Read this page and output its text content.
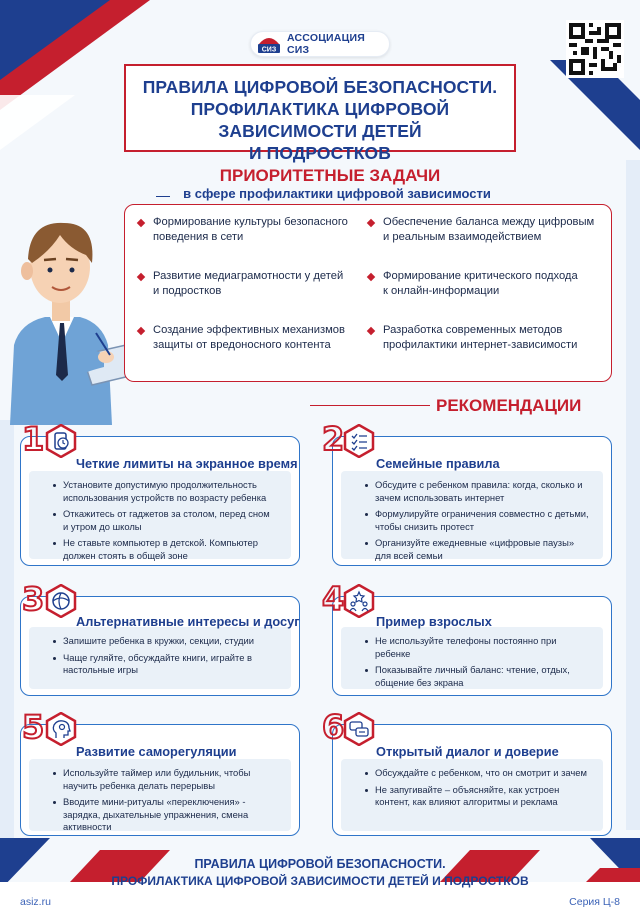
СИЗ
АССОЦИАЦИЯ СИЗ
ПРАВИЛА ЦИФРОВОЙ БЕЗОПАСНОСТИ.
ПРОФИЛАКТИКА ЦИФРОВОЙ ЗАВИСИМОСТИ ДЕТЕЙ
И ПОДРОСТКОВ
ПРИОРИТЕТНЫЕ ЗАДАЧИ
в сфере профилактики цифровой зависимости
Формирование культуры безопасного
поведения в сети
Обеспечение баланса между цифровым
и реальным взаимодействием
Развитие медиаграмотности у детей
и подростков
Формирование критического подхода
к онлайн-информации
Создание эффективных механизмов
защиты от вредоносного контента
Разработка современных методов
профилактики интернет-зависимости
РЕКОМЕНДАЦИИ
Установите допустимую продолжительность использования устройств по возрасту ребенка
Откажитесь от гаджетов за столом, перед сном и утром до школы
Не ставьте компьютер в детской. Компьютер должен стоять в общей зоне
Четкие лимиты на экранное время
Обсудите с ребенком правила: когда, сколько и зачем использовать интернет
Формулируйте ограничения совместно с детьми, чтобы снизить протест
Организуйте ежедневные «цифровые паузы» для всей семьи
Семейные правила
Запишите ребенка в кружки, секции, студии
Чаще гуляйте, обсуждайте книги, играйте в настольные игры
Альтернативные интересы и досуг
Не используйте телефоны постоянно при ребенке
Показывайте личный баланс: чтение, отдых, общение без экрана
Пример взрослых
Используйте таймер или будильник, чтобы научить ребенка делать перерывы
Вводите мини-ритуалы «переключения» - зарядка, дыхательные упражнения, смена активности
Развитие саморегуляции
Обсуждайте с ребенком, что он смотрит и зачем
Не запугивайте – объясняйте, как устроен контент, как влияют алгоритмы и реклама
Открытый диалог и доверие
1	2
3	4
5	6
ПРАВИЛА ЦИФРОВОЙ БЕЗОПАСНОСТИ.
ПРОФИЛАКТИКА ЦИФРОВОЙ ЗАВИСИМОСТИ ДЕТЕЙ И ПОДРОСТКОВ
asiz.ru	Серия Ц-8
